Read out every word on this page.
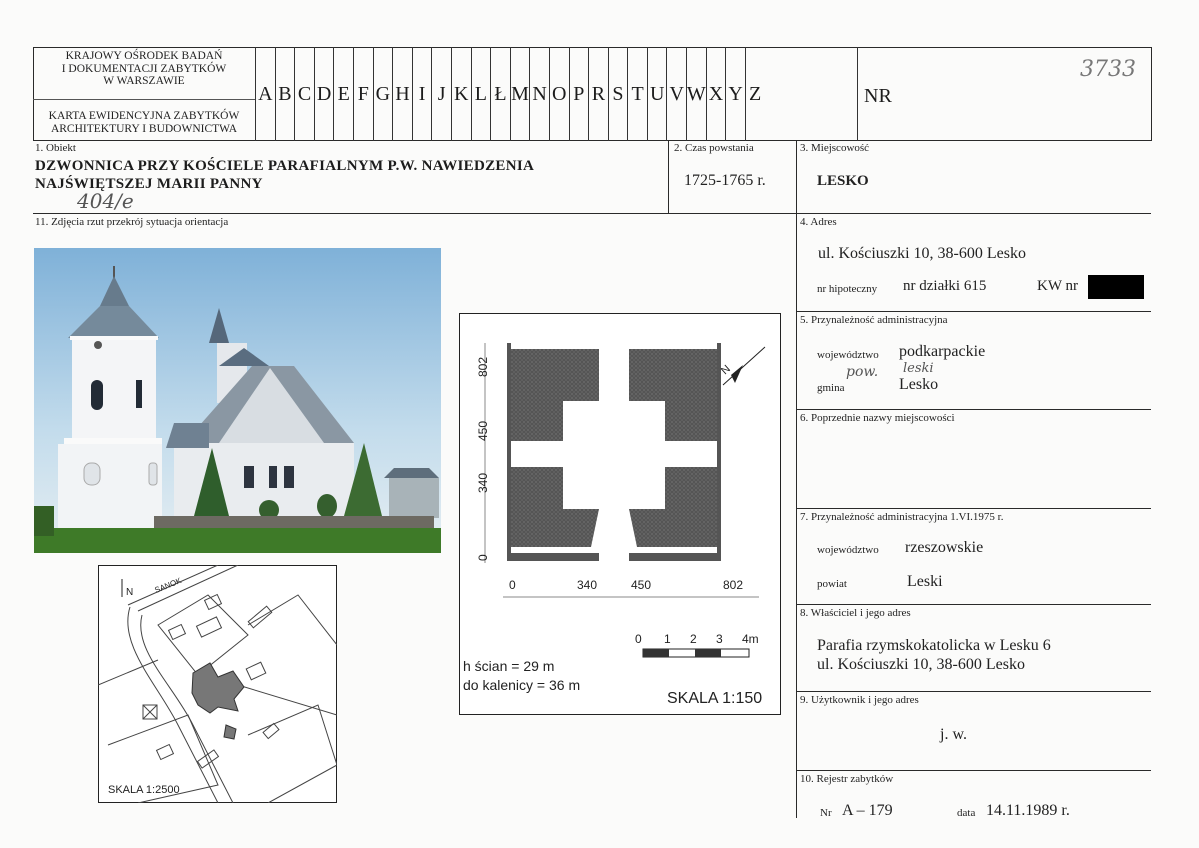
KRAJOWY OŚRODEK BADAŃ
I DOKUMENTACJI ZABYTKÓW
W WARSZAWIE
KARTA EWIDENCYJNA ZABYTKÓW
ARCHITEKTURY I BUDOWNICTWA
A B C D E F G H I J K L Ł M N O P R S T U V W X Y Z	NR
3733
1. Obiekt
DZWONNICA PRZY KOŚCIELE PARAFIALNYM P.W. NAWIEDZENIA
NAJŚWIĘTSZEJ MARII PANNY
404/e
2. Czas powstania
1725-1765 r.
3. Miejscowość
LESKO
11. Zdjęcia rzut przekrój sytuacja orientacja
N	SANOK
SKALA 1:2500
N
802
450
340
0
0	340	450	802
0 1 2 3 4m
h ścian = 29 m
do kalenicy = 36 m
SKALA 1:150
4. Adres
ul. Kościuszki 10, 38-600 Lesko
nr hipoteczny nr działki 615	KW nr
5. Przynależność administracyjna
województwo podkarpackie
pow. leski
gmina	Lesko
6. Poprzednie nazwy miejscowości
7. Przynależność administracyjna 1.VI.1975 r.
województwo rzeszowskie
powiat	Leski
8. Właściciel i jego adres
Parafia rzymskokatolicka w Lesku 6
ul. Kościuszki 10, 38-600 Lesko
9. Użytkownik i jego adres
j. w.
10. Rejestr zabytków
Nr A – 179	data 14.11.1989 r.
